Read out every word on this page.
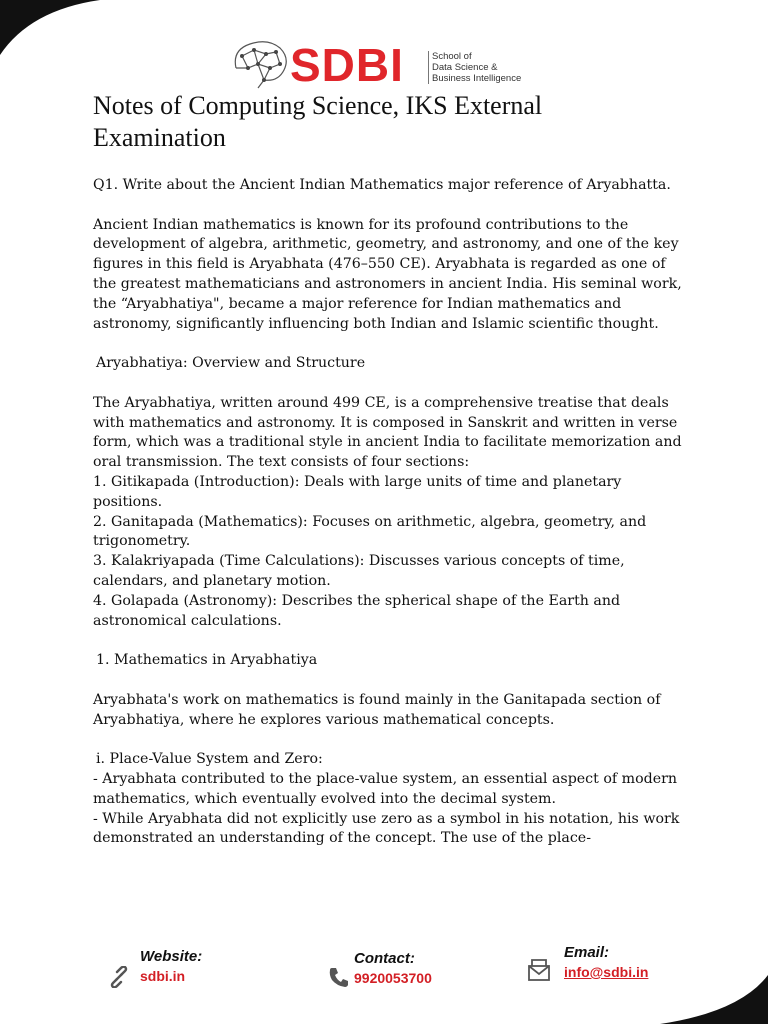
SDBI	School of
Data Science &
Business Intelligence
Notes of Computing Science, IKS External Examination

Q1. Write about the Ancient Indian Mathematics major reference of Aryabhatta.

Ancient Indian mathematics is known for its profound contributions to the development of algebra, arithmetic, geometry, and astronomy, and one of the key figures in this field is Aryabhata (476–550 CE). Aryabhata is regarded as one of the greatest mathematicians and astronomers in ancient India. His seminal work, the “Aryabhatiya", became a major reference for Indian mathematics and astronomy, significantly influencing both Indian and Islamic scientific thought.

Aryabhatiya: Overview and Structure

The Aryabhatiya, written around 499 CE, is a comprehensive treatise that deals with mathematics and astronomy. It is composed in Sanskrit and written in verse form, which was a traditional style in ancient India to facilitate memorization and oral transmission. The text consists of four sections:

1. Gitikapada (Introduction): Deals with large units of time and planetary positions.

2. Ganitapada (Mathematics): Focuses on arithmetic, algebra, geometry, and trigonometry.

3. Kalakriyapada (Time Calculations): Discusses various concepts of time, calendars, and planetary motion.

4. Golapada (Astronomy): Describes the spherical shape of the Earth and astronomical calculations.

1. Mathematics in Aryabhatiya

Aryabhata's work on mathematics is found mainly in the Ganitapada section of Aryabhatiya, where he explores various mathematical concepts.

i. Place-Value System and Zero:

- Aryabhata contributed to the place-value system, an essential aspect of modern mathematics, which eventually evolved into the decimal system.

- While Aryabhata did not explicitly use zero as a symbol in his notation, his work demonstrated an understanding of the concept. The use of the place-

Website:
sdbi.in
Contact:
9920053700
Email:
info@sdbi.in
